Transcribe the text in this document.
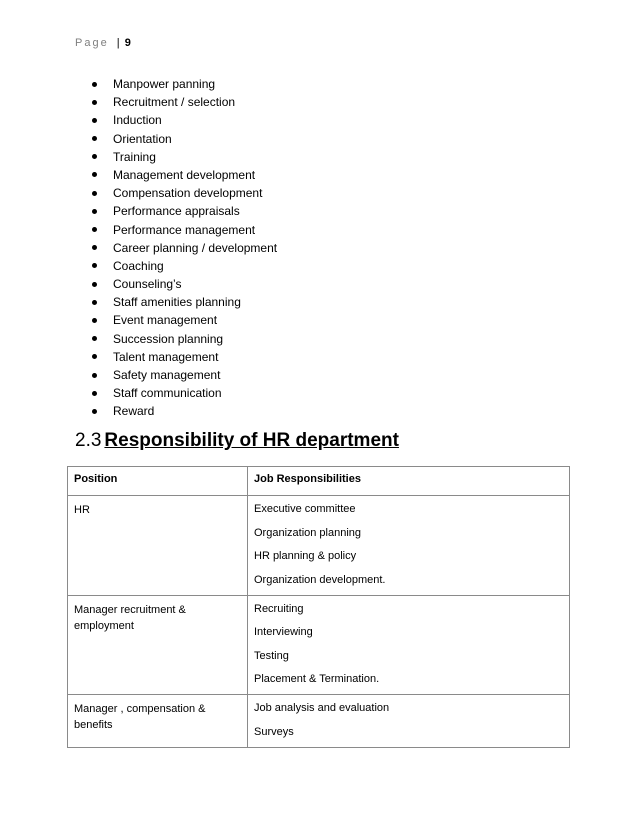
Page | 9
Manpower panning
Recruitment / selection
Induction
Orientation
Training
Management development
Compensation development
Performance appraisals
Performance management
Career planning / development
Coaching
Counseling’s
Staff amenities planning
Event management
Succession planning
Talent management
Safety management
Staff communication
Reward
2.3 Responsibility of HR department
Position	Job Responsibilities
HR	Executive committee
Organization planning
HR planning & policy
Organization development.

Manager recruitment & employment	Recruiting
Interviewing
Testing
Placement & Termination.

Manager , compensation & benefits	Job analysis and evaluation
Surveys
